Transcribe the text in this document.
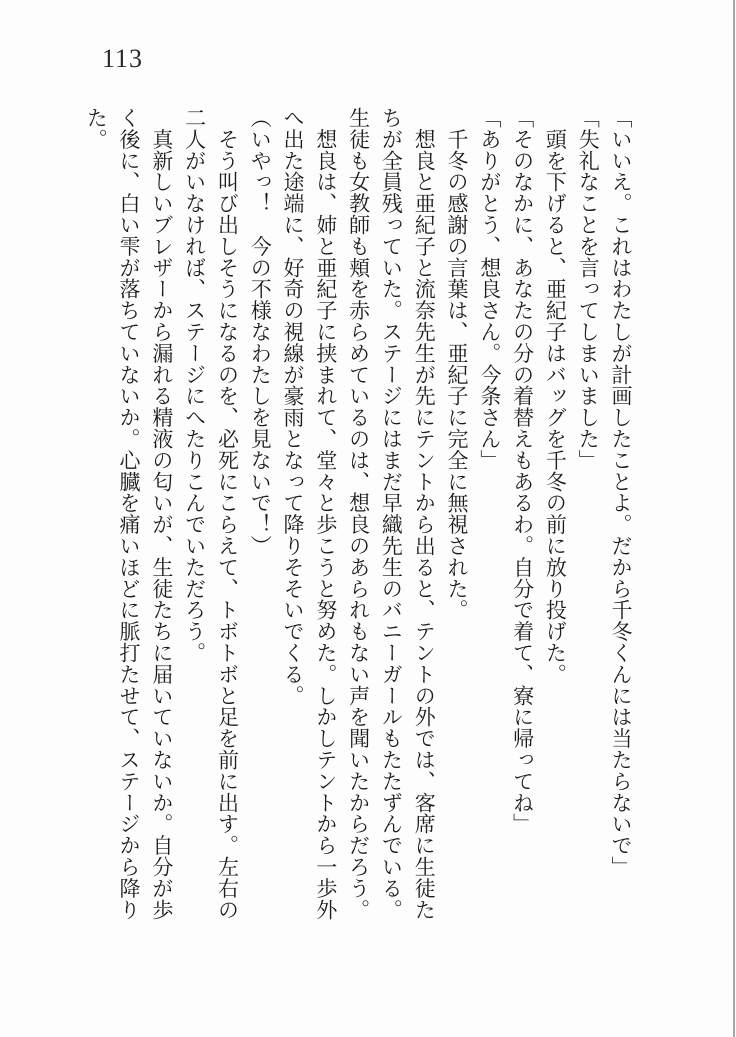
113

「いいえ。これはわたしが計画したことよ。だから千冬くんには当たらないで」

「失礼なことを言ってしまいました」

　頭を下げると、亜紀子はバッグを千冬の前に放り投げた。

「そのなかに、あなたの分の着替えもあるわ。自分で着て、寮に帰ってね」

「ありがとう、想良さん。今条さん」

　千冬の感謝の言葉は、亜紀子に完全に無視された。

　想良と亜紀子と流奈先生が先にテントから出ると、テントの外では、客席に生徒た

ちが全員残っていた。ステージにはまだ早織先生のバニーガールもたたずんでいる。

生徒も女教師も頬を赤らめているのは、想良のあられもない声を聞いたからだろう。

　想良は、姉と亜紀子に挟まれて、堂々と歩こうと努めた。しかしテントから一歩外

へ出た途端に、好奇の視線が豪雨となって降りそそいでくる。

（いやっ！　今の不様なわたしを見ないで！）

　そう叫び出しそうになるのを、必死にこらえて、トボトボと足を前に出す。左右の

二人がいなければ、ステージにへたりこんでいただろう。

　真新しいブレザーから漏れる精液の匂いが、生徒たちに届いていないか。自分が歩

く後に、白い雫が落ちていないか。心臓を痛いほどに脈打たせて、ステージから降り

た。
